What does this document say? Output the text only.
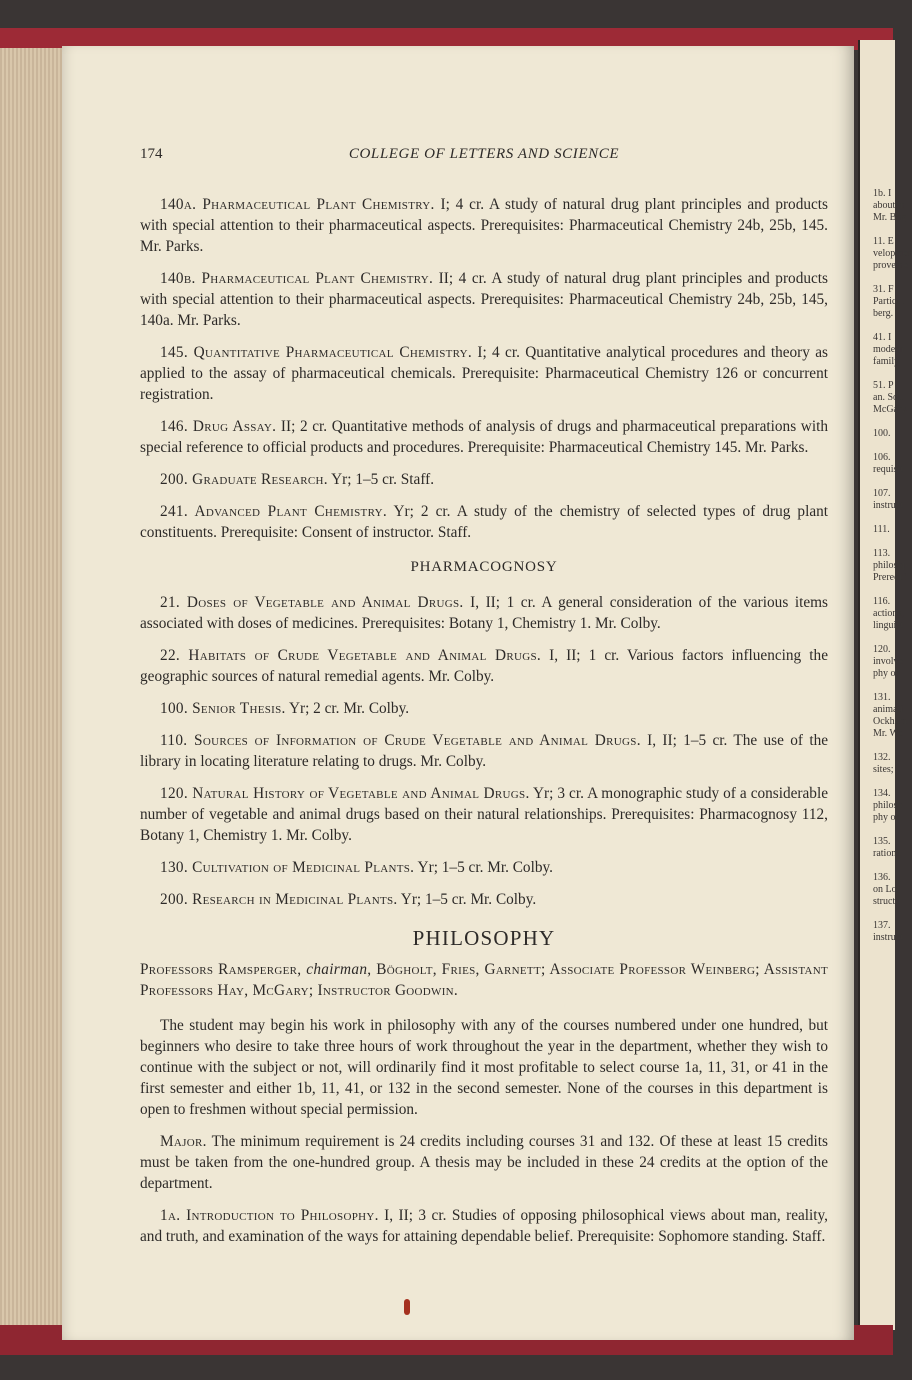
1b. I
about m
Mr. Bög

11. E
velopmen
proveme

31. F
Particul
berg.

41. I
modern
family.

51. P
an. Sou
McGary.

100.

106.
requisit

107.
instruct

111.

113.
philosop
Prerequi

116.
actions,
linguist

120.
involve
phy or

131.
animati
Ockham
Mr. We

132.
sites; 1

134.
philoso
phy or

135.
rationa

136.
on Lo
structu

137.
instruct
174	COLLEGE OF LETTERS AND SCIENCE

140a. Pharmaceutical Plant Chemistry. I; 4 cr. A study of natural drug plant principles and products with special attention to their pharmaceutical aspects. Prerequisites: Pharmaceutical Chemistry 24b, 25b, 145. Mr. Parks.

140b. Pharmaceutical Plant Chemistry. II; 4 cr. A study of natural drug plant principles and products with special attention to their pharmaceutical aspects. Prerequisites: Pharmaceutical Chemistry 24b, 25b, 145, 140a. Mr. Parks.

145. Quantitative Pharmaceutical Chemistry. I; 4 cr. Quantitative analytical procedures and theory as applied to the assay of pharmaceutical chemicals. Prerequisite: Pharmaceutical Chemistry 126 or concurrent registration.

146. Drug Assay. II; 2 cr. Quantitative methods of analysis of drugs and pharmaceutical preparations with special reference to official products and procedures. Prerequisite: Pharmaceutical Chemistry 145. Mr. Parks.

200. Graduate Research. Yr; 1–5 cr. Staff.

241. Advanced Plant Chemistry. Yr; 2 cr. A study of the chemistry of selected types of drug plant constituents. Prerequisite: Consent of instructor. Staff.

PHARMACOGNOSY

21. Doses of Vegetable and Animal Drugs. I, II; 1 cr. A general consideration of the various items associated with doses of medicines. Prerequisites: Botany 1, Chemistry 1. Mr. Colby.

22. Habitats of Crude Vegetable and Animal Drugs. I, II; 1 cr. Various factors influencing the geographic sources of natural remedial agents. Mr. Colby.

100. Senior Thesis. Yr; 2 cr. Mr. Colby.

110. Sources of Information of Crude Vegetable and Animal Drugs. I, II; 1–5 cr. The use of the library in locating literature relating to drugs. Mr. Colby.

120. Natural History of Vegetable and Animal Drugs. Yr; 3 cr. A monographic study of a considerable number of vegetable and animal drugs based on their natural relationships. Prerequisites: Pharmacognosy 112, Botany 1, Chemistry 1. Mr. Colby.

130. Cultivation of Medicinal Plants. Yr; 1–5 cr. Mr. Colby.

200. Research in Medicinal Plants. Yr; 1–5 cr. Mr. Colby.

PHILOSOPHY

Professors Ramsperger, chairman, Bögholt, Fries, Garnett; Associate Professor Weinberg; Assistant Professors Hay, McGary; Instructor Goodwin.

The student may begin his work in philosophy with any of the courses numbered under one hundred, but beginners who desire to take three hours of work throughout the year in the department, whether they wish to continue with the subject or not, will ordinarily find it most profitable to select course 1a, 11, 31, or 41 in the first semester and either 1b, 11, 41, or 132 in the second semester. None of the courses in this department is open to freshmen without special permission.

Major. The minimum requirement is 24 credits including courses 31 and 132. Of these at least 15 credits must be taken from the one-hundred group. A thesis may be included in these 24 credits at the option of the department.

1a. Introduction to Philosophy. I, II; 3 cr. Studies of opposing philosophical views about man, reality, and truth, and examination of the ways for attaining dependable belief. Prerequisite: Sophomore standing. Staff.
